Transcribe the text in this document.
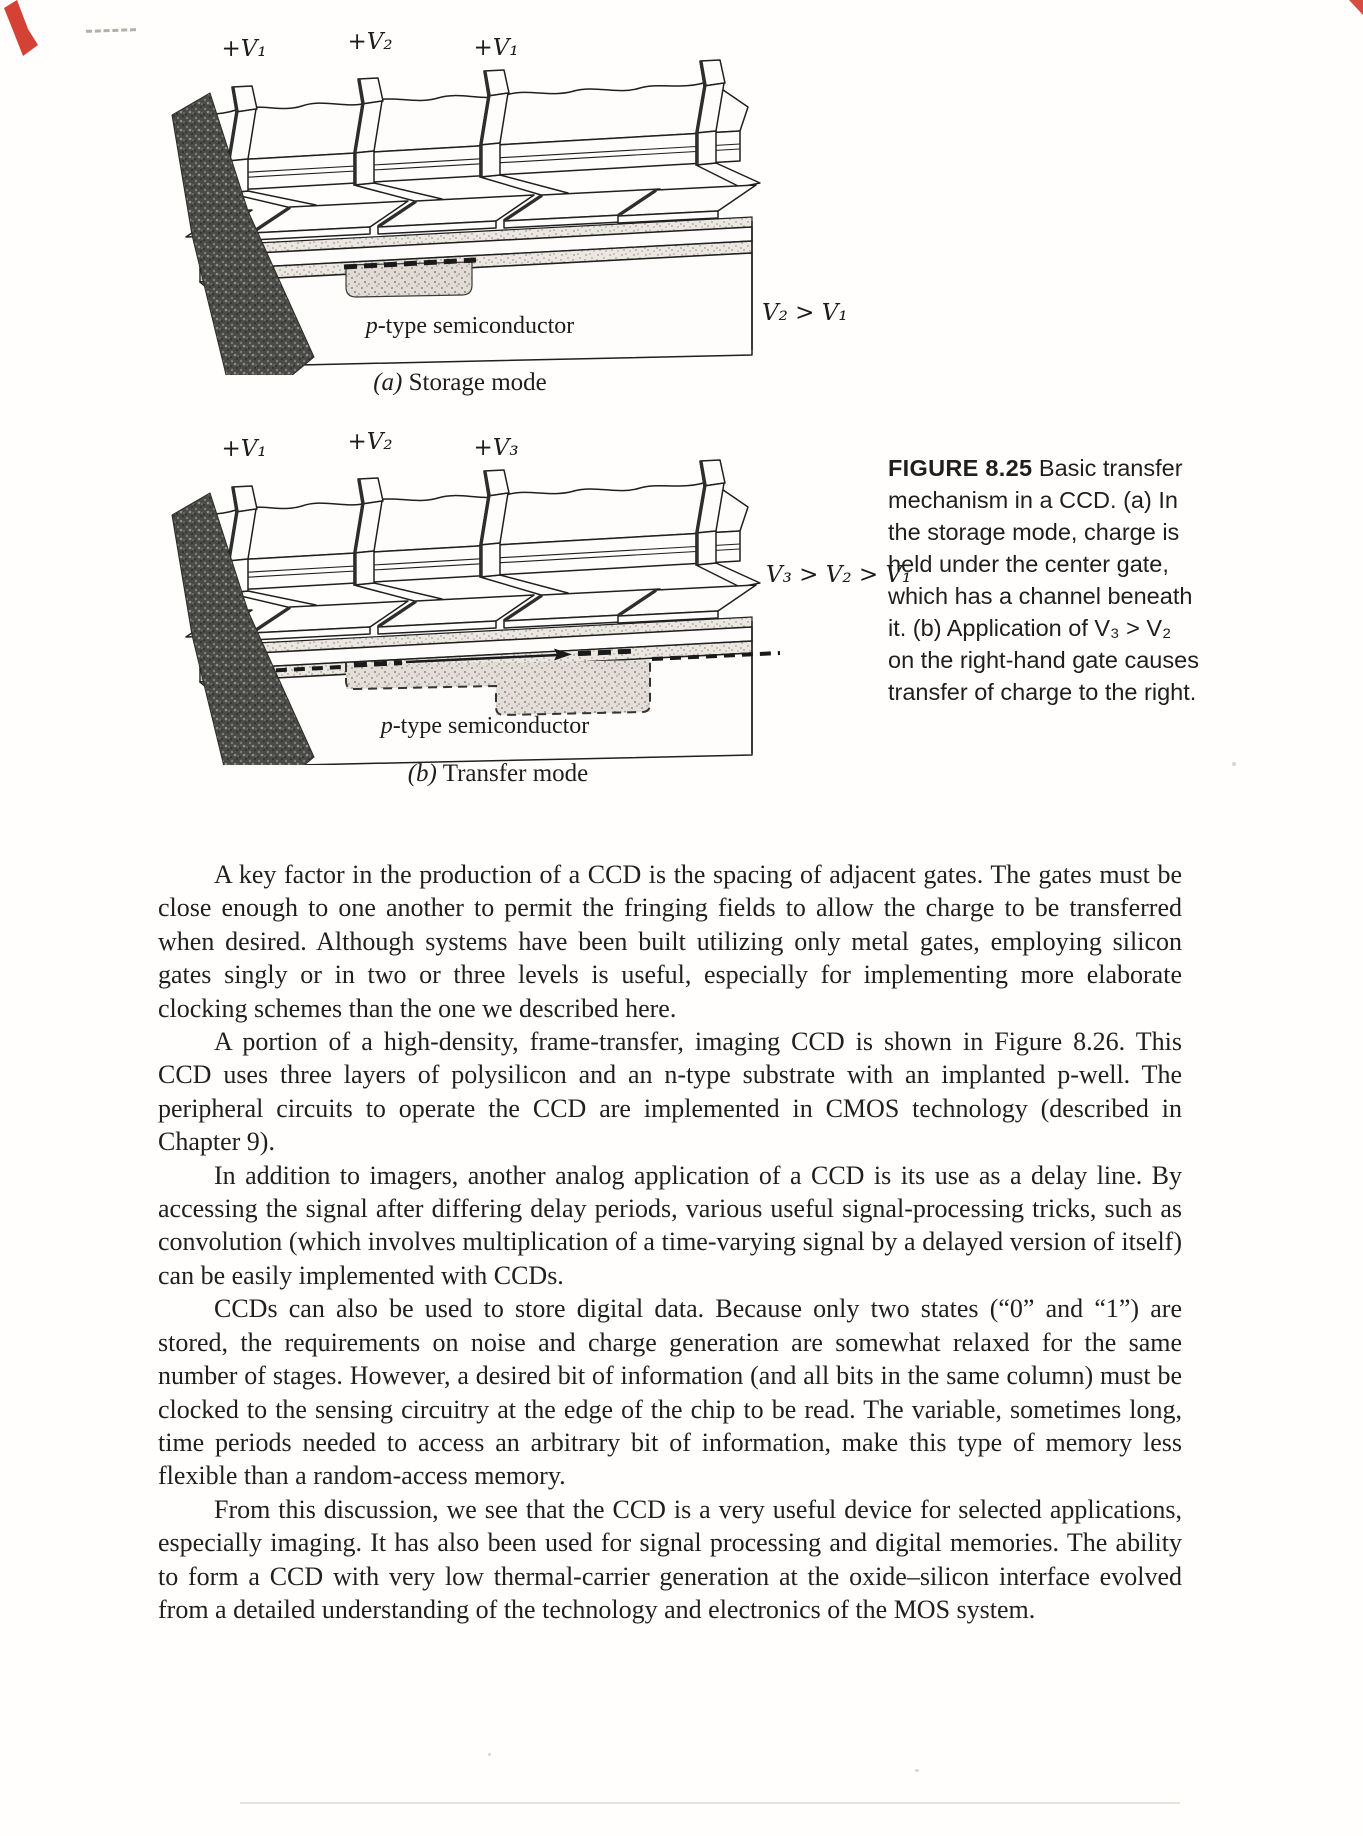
V₂ > V₁
+V₁	+V₂	+V₁
p-type semiconductor
(a) Storage mode
V₃ > V₂ > V₁
+V₁	+V₂	+V₃
p-type semiconductor
(b) Transfer mode
FIGURE 8.25 Basic transfer mechanism in a CCD. (a) In the storage mode, charge is held under the center gate, which has a channel beneath it. (b) Application of V₃ > V₂ on the right-hand gate causes transfer of charge to the right.

A key factor in the production of a CCD is the spacing of adjacent gates. The gates must be close enough to one another to permit the fringing fields to allow the charge to be transferred when desired. Although systems have been built utilizing only metal gates, employing silicon gates singly or in two or three levels is useful, especially for implementing more elaborate clocking schemes than the one we described here.

A portion of a high-density, frame-transfer, imaging CCD is shown in Figure 8.26. This CCD uses three layers of polysilicon and an n-type substrate with an implanted p-well. The peripheral circuits to operate the CCD are implemented in CMOS technology (described in Chapter 9).

In addition to imagers, another analog application of a CCD is its use as a delay line. By accessing the signal after differing delay periods, various useful signal-processing tricks, such as convolution (which involves multiplication of a time-varying signal by a delayed version of itself) can be easily implemented with CCDs.

CCDs can also be used to store digital data. Because only two states (“0” and “1”) are stored, the requirements on noise and charge generation are somewhat relaxed for the same number of stages. However, a desired bit of information (and all bits in the same column) must be clocked to the sensing circuitry at the edge of the chip to be read. The variable, sometimes long, time periods needed to access an arbitrary bit of information, make this type of memory less flexible than a random-access memory.

From this discussion, we see that the CCD is a very useful device for selected applications, especially imaging. It has also been used for signal processing and digital memories. The ability to form a CCD with very low thermal-carrier generation at the oxide–silicon interface evolved from a detailed understanding of the technology and electronics of the MOS system.
